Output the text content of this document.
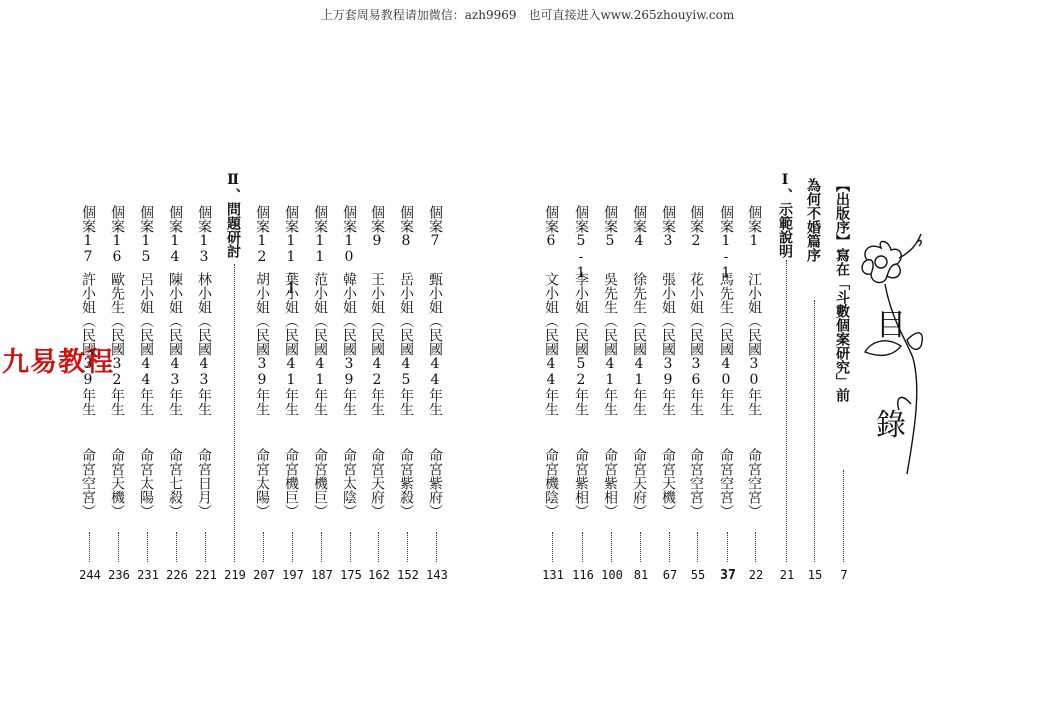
上万套周易教程请加微信：azh9969　也可直接进入www.265zhouyiw.com
九易教程
目
錄
【出版序】寫在「斗數個案研究」前
7
為何不婚篇序
15
Ⅰ、示範說明
21
個案1
江小姐（民國30年生
命宮空宮）
22
個案1-1
馬先生（民國40年生
命宮空宮）
37
個案2
花小姐（民國36年生
命宮空宮）
55
個案3
張小姐（民國39年生
命宮天機）
67
個案4
徐先生（民國41年生
命宮天府）
81
個案5
吳先生（民國41年生
命宮紫相）
100
個案5-1
李小姐（民國52年生
命宮紫相）
116
個案6
文小姐（民國44年生
命宮機陰）
131
個案7
甄小姐（民國44年生
命宮紫府）
143
個案8
岳小姐（民國45年生
命宮紫殺）
152
個案9
王小姐（民國42年生
命宮天府）
162
個案10
韓小姐（民國39年生
命宮太陰）
175
個案11
范小姐（民國41年生
命宮機巨）
187
個案11-1
葉小姐（民國41年生
命宮機巨）
197
個案12
胡小姐（民國39年生
命宮太陽）
207
Ⅱ、問題研討
219
個案13
林小姐（民國43年生
命宮日月）
221
個案14
陳小姐（民國43年生
命宮七殺）
226
個案15
呂小姐（民國44年生
命宮太陽）
231
個案16
歐先生（民國32年生
命宮天機）
236
個案17
許小姐（民國39年生
命宮空宮）
244
